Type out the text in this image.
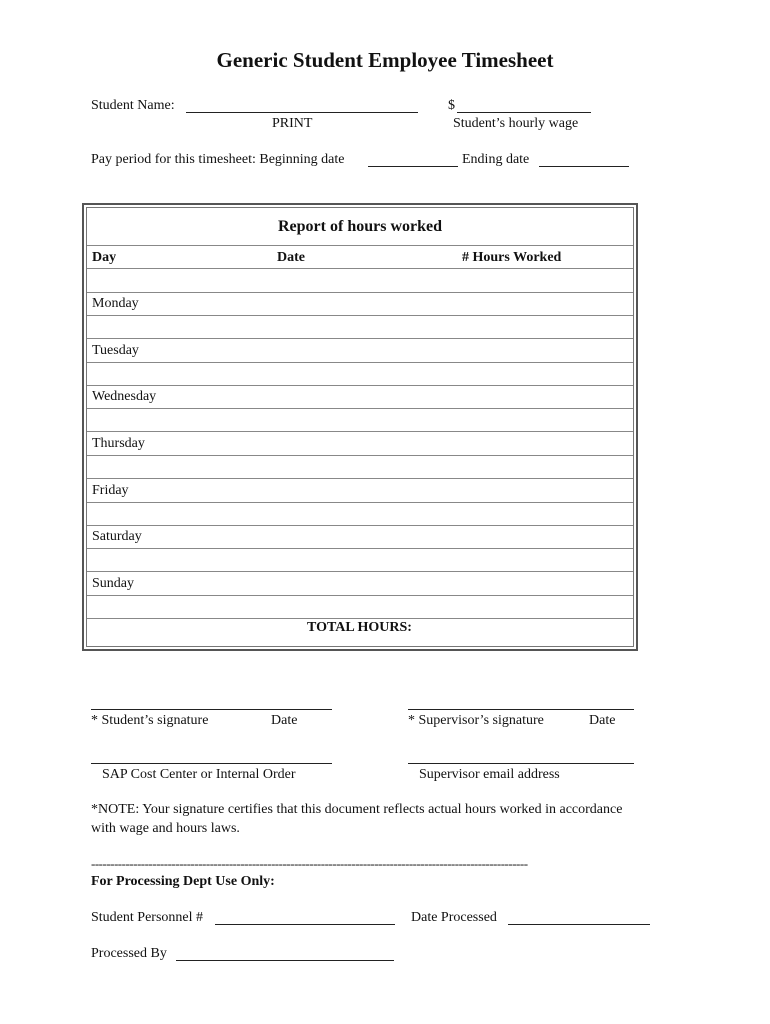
Generic Student Employee Timesheet
Student Name:
PRINT
$
Student’s hourly wage
Pay period for this timesheet: Beginning date	Ending date
Report of hours worked
Day	Date	# Hours Worked
Monday
Tuesday
Wednesday
Thursday
Friday
Saturday
Sunday
TOTAL HOURS:
* Student’s signature	Date	* Supervisor’s signature	Date
SAP Cost Center or Internal Order	Supervisor email address
*NOTE: Your signature certifies that this document reflects actual hours worked in accordance
with wage and hours laws.
------------------------------------------------------------------------------------------------------------------
For Processing Dept Use Only:
Student Personnel #	Date Processed
Processed By
